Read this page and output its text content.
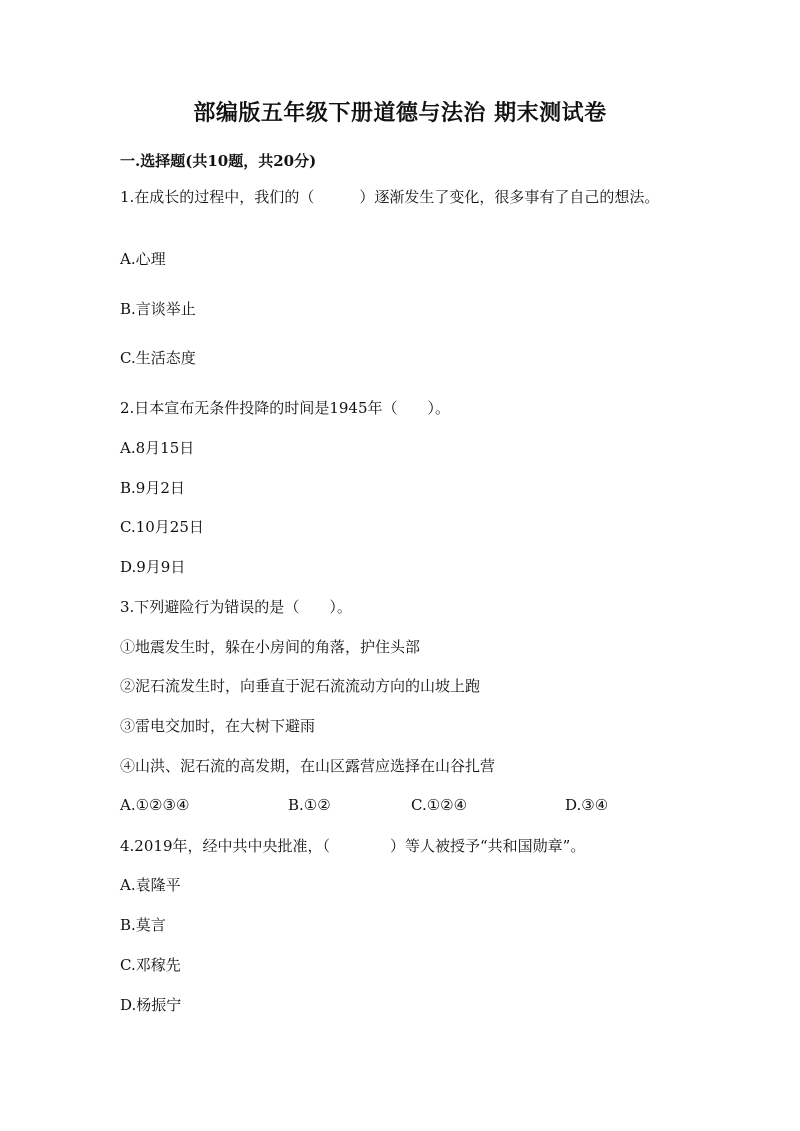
部编版五年级下册道德与法治 期末测试卷
一.选择题(共10题，共20分)
1.在成长的过程中，我们的（　　　）逐渐发生了变化，很多事有了自己的想法。
A.心理
B.言谈举止
C.生活态度
2.日本宣布无条件投降的时间是1945年（　　）。
A.8月15日
B.9月2日
C.10月25日
D.9月9日
3.下列避险行为错误的是（　　）。
①地震发生时，躲在小房间的角落，护住头部
②泥石流发生时，向垂直于泥石流流动方向的山坡上跑
③雷电交加时，在大树下避雨
④山洪、泥石流的高发期，在山区露营应选择在山谷扎营
A.①②③④	B.①②	C.①②④	D.③④
4.2019年，经中共中央批准，（　　　　）等人被授予“共和国勋章”。
A.袁隆平
B.莫言
C.邓稼先
D.杨振宁
